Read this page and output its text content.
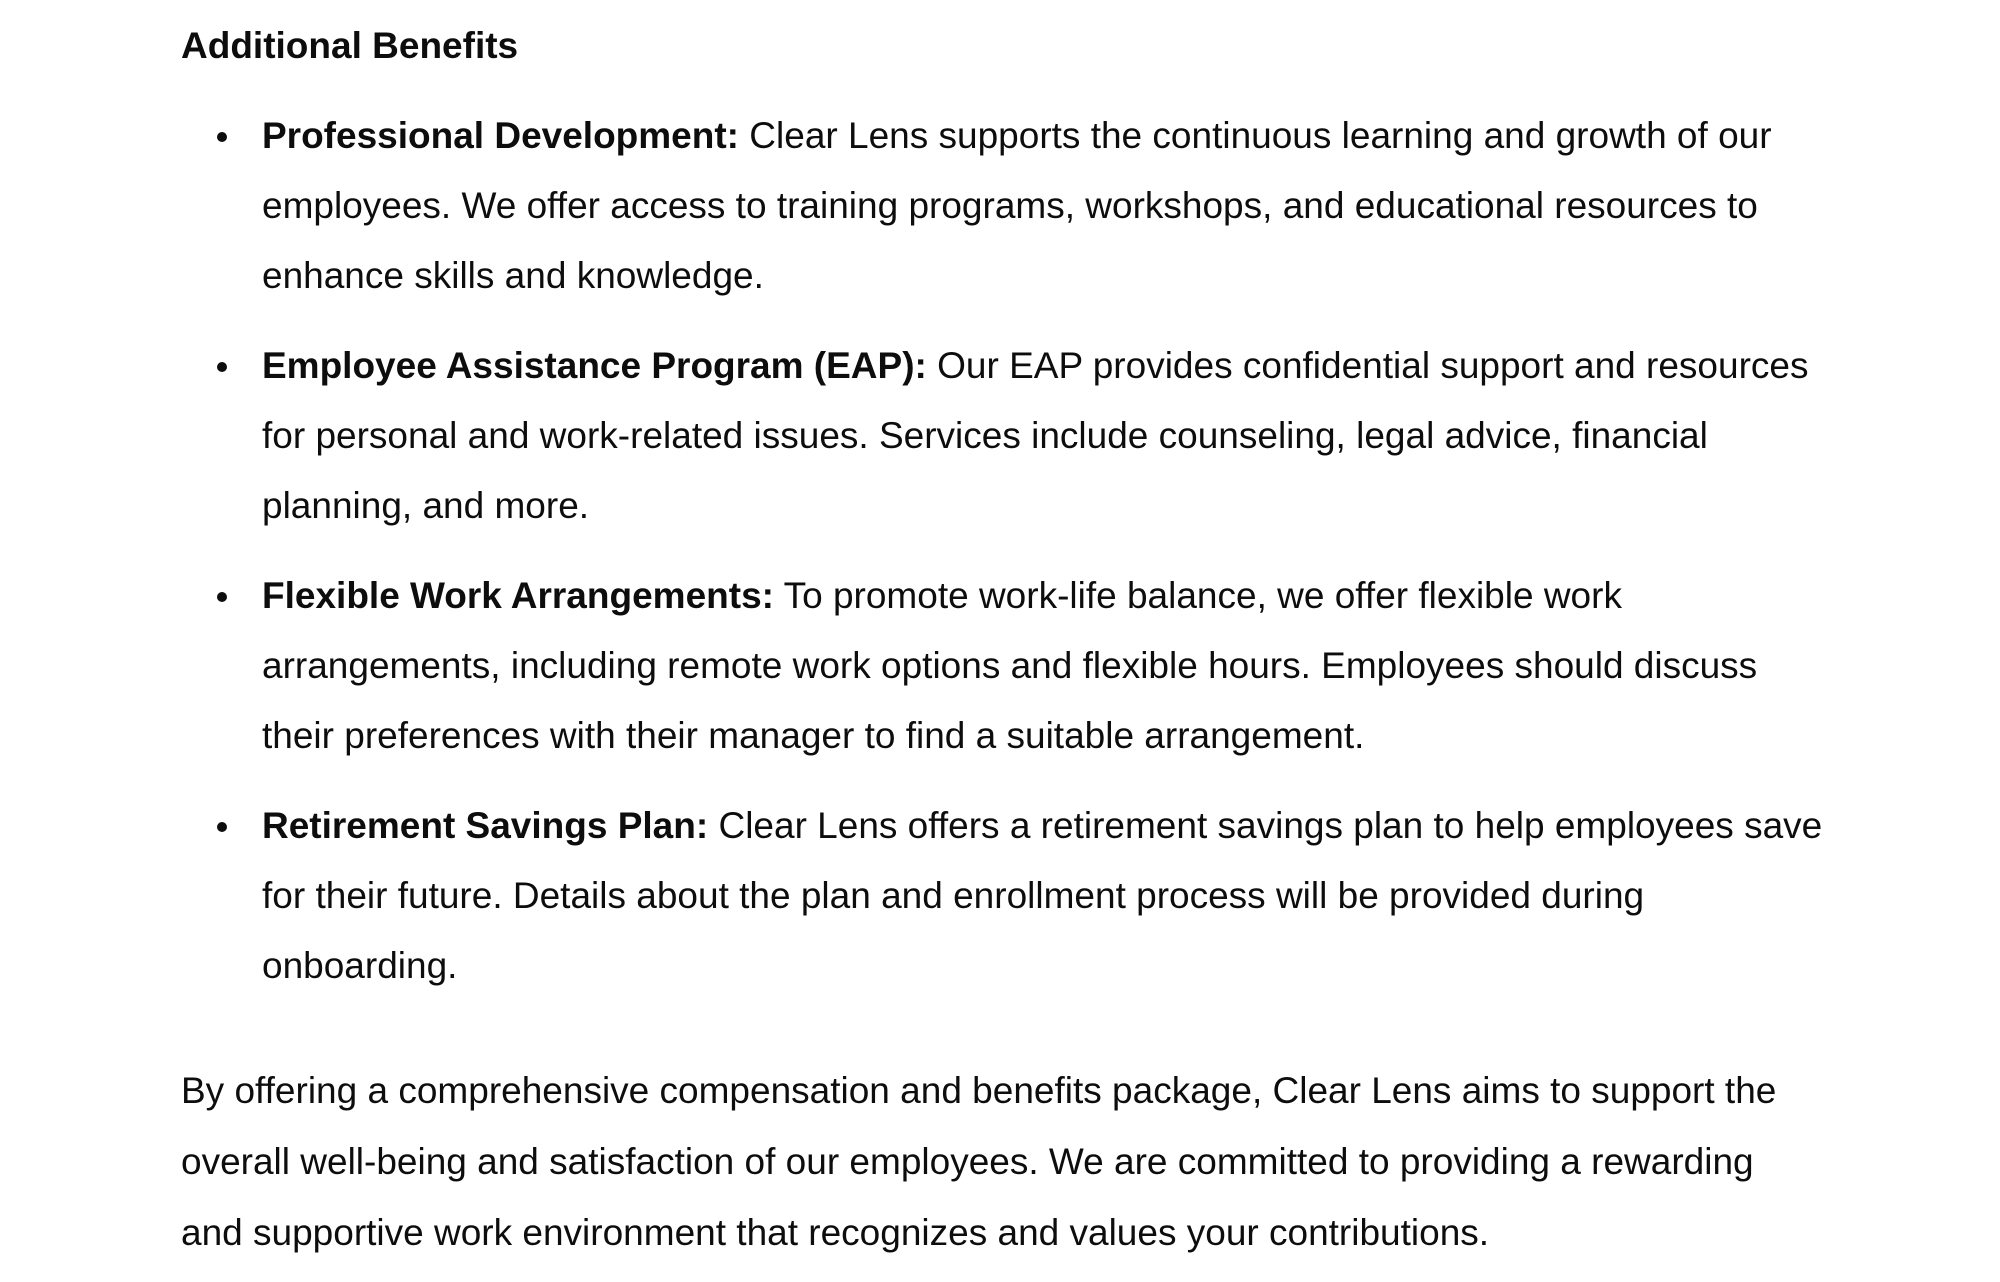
Additional Benefits
Professional Development: Clear Lens supports the continuous learning and growth of our
employees. We offer access to training programs, workshops, and educational resources to
enhance skills and knowledge.
Employee Assistance Program (EAP): Our EAP provides confidential support and resources
for personal and work-related issues. Services include counseling, legal advice, financial
planning, and more.
Flexible Work Arrangements: To promote work-life balance, we offer flexible work
arrangements, including remote work options and flexible hours. Employees should discuss
their preferences with their manager to find a suitable arrangement.
Retirement Savings Plan: Clear Lens offers a retirement savings plan to help employees save
for their future. Details about the plan and enrollment process will be provided during
onboarding.

By offering a comprehensive compensation and benefits package, Clear Lens aims to support the
overall well-being and satisfaction of our employees. We are committed to providing a rewarding
and supportive work environment that recognizes and values your contributions.
